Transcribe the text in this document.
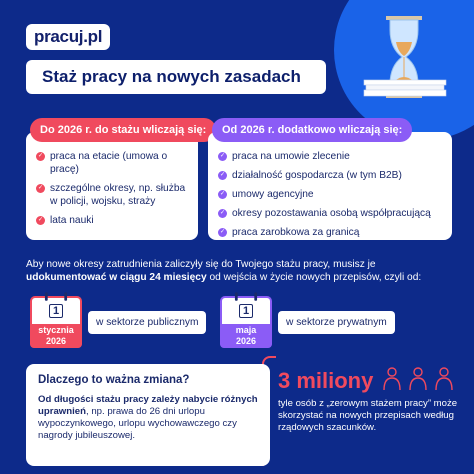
pracuj.pl
Staż pracy na nowych zasadach
Do 2026 r. do stażu wliczają się:
✓ praca na etacie (umowa o pracę)
✓ szczególne okresy, np. służba w policji, wojsku, straży
✓ lata nauki
Od 2026 r. dodatkowo wliczają się:
✓ praca na umowie zlecenie
✓ działalność gospodarcza (w tym B2B)
✓ umowy agencyjne
✓ okresy pozostawania osobą współpracującą
✓ praca zarobkowa za granicą
Aby nowe okresy zatrudnienia zaliczyły się do Twojego stażu pracy, musisz je udokumentować w ciągu 24 miesięcy od wejścia w życie nowych przepisów, czyli od:
1
stycznia
2026
w sektorze publicznym
1
maja
2026
w sektorze prywatnym
Dlaczego to ważna zmiana?

Od długości stażu pracy zależy nabycie różnych uprawnień, np. prawa do 26 dni urlopu wypoczynkowego, urlopu wychowawczego czy nagrody jubileuszowej.

3 miliony
tyle osób z „zerowym stażem pracy” może skorzystać na nowych przepisach według rządowych szacunków.
